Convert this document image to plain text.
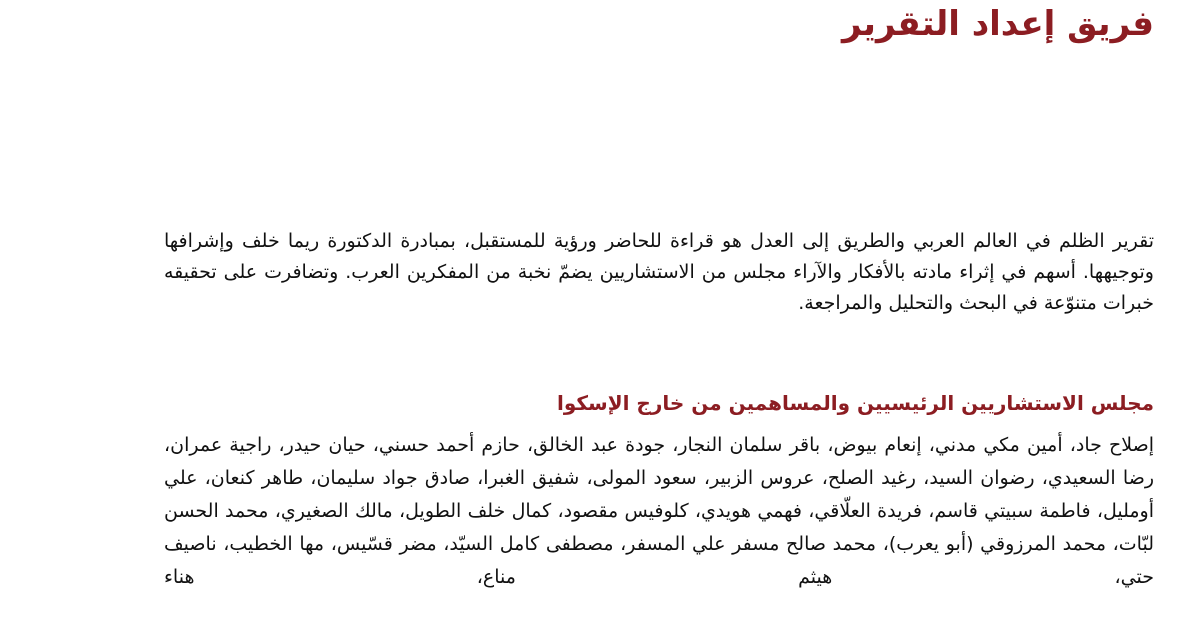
فريق إعداد التقرير

تقرير الظلم في العالم العربي والطريق إلى العدل هو قراءة للحاضر ورؤية للمستقبل، بمبادرة الدكتورة ريما خلف وإشرافها وتوجيهها. أسهم في إثراء مادته بالأفكار والآراء مجلس من الاستشاريين يضمّ نخبة من المفكرين العرب. وتضافرت على تحقيقه خبرات متنوّعة في البحث والتحليل والمراجعة.

مجلس الاستشاريين الرئيسيين والمساهمين من خارج الإسكوا

إصلاح جاد، أمين مكي مدني، إنعام بيوض، باقر سلمان النجار، جودة عبد الخالق، حازم أحمد حسني، حيان حيدر، راجية عمران، رضا السعيدي، رضوان السيد، رغيد الصلح، عروس الزبير، سعود المولى، شفيق الغبرا، صادق جواد سليمان، طاهر كنعان، علي أومليل، فاطمة سبيتي قاسم، فريدة العلّاقي، فهمي هويدي، كلوفيس مقصود، كمال خلف الطويل، مالك الصغيري، محمد الحسن لبّات، محمد المرزوقي (أبو يعرب)، محمد صالح مسفر علي المسفر، مصطفى كامل السيّد، مضر قسّيس، مها الخطيب، ناصيف حتي، هيثم مناع، هناء
